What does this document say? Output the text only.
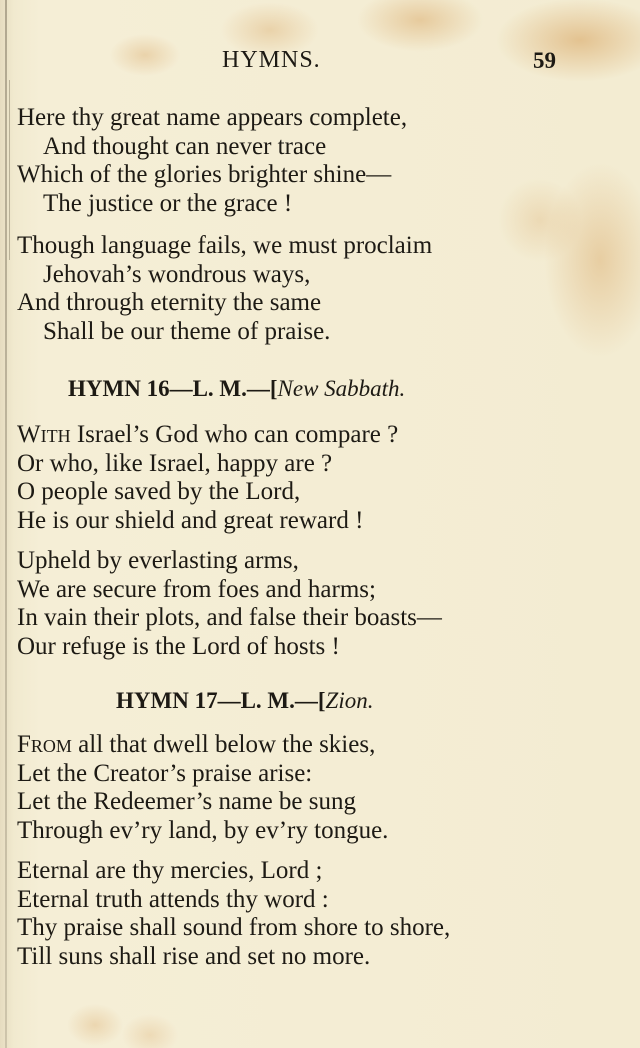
HYMNS.	59
Here thy great name appears complete,
And thought can never trace
Which of the glories brighter shine—
The justice or the grace !
Though language fails, we must proclaim
Jehovah’s wondrous ways,
And through eternity the same
Shall be our theme of praise.
HYMN 16—L. M.—[New Sabbath.
With Israel’s God who can compare ?
Or who, like Israel, happy are ?
O people saved by the Lord,
He is our shield and great reward !
Upheld by everlasting arms,
We are secure from foes and harms;
In vain their plots, and false their boasts—
Our refuge is the Lord of hosts !
HYMN 17—L. M.—[Zion.
From all that dwell below the skies,
Let the Creator’s praise arise:
Let the Redeemer’s name be sung
Through ev’ry land, by ev’ry tongue.
Eternal are thy mercies, Lord ;
Eternal truth attends thy word :
Thy praise shall sound from shore to shore,
Till suns shall rise and set no more.
